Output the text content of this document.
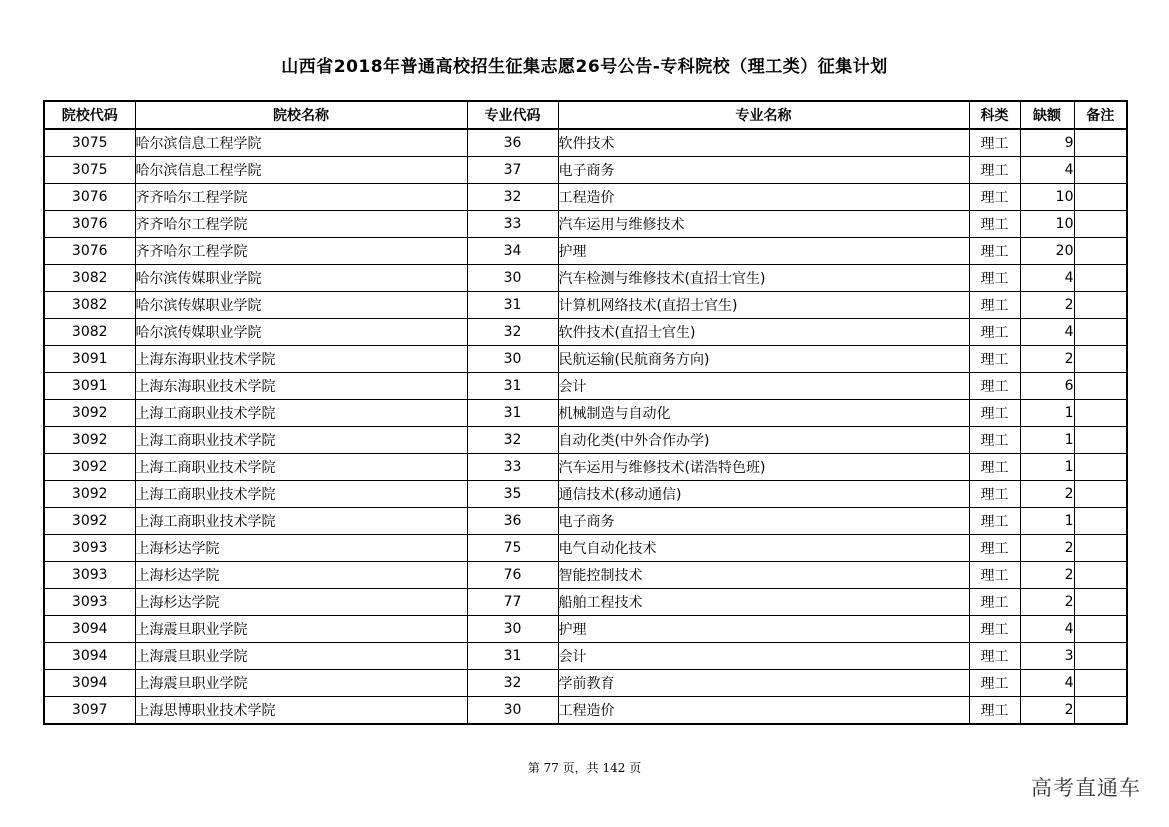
山西省2018年普通高校招生征集志愿26号公告-专科院校（理工类）征集计划
院校代码	院校名称	专业代码	专业名称	科类	缺额	备注
3075	哈尔滨信息工程学院	36	软件技术	理工	9	
3075	哈尔滨信息工程学院	37	电子商务	理工	4	
3076	齐齐哈尔工程学院	32	工程造价	理工	10	
3076	齐齐哈尔工程学院	33	汽车运用与维修技术	理工	10	
3076	齐齐哈尔工程学院	34	护理	理工	20	
3082	哈尔滨传媒职业学院	30	汽车检测与维修技术(直招士官生)	理工	4	
3082	哈尔滨传媒职业学院	31	计算机网络技术(直招士官生)	理工	2	
3082	哈尔滨传媒职业学院	32	软件技术(直招士官生)	理工	4	
3091	上海东海职业技术学院	30	民航运输(民航商务方向)	理工	2	
3091	上海东海职业技术学院	31	会计	理工	6	
3092	上海工商职业技术学院	31	机械制造与自动化	理工	1	
3092	上海工商职业技术学院	32	自动化类(中外合作办学)	理工	1	
3092	上海工商职业技术学院	33	汽车运用与维修技术(诺浩特色班)	理工	1	
3092	上海工商职业技术学院	35	通信技术(移动通信)	理工	2	
3092	上海工商职业技术学院	36	电子商务	理工	1	
3093	上海杉达学院	75	电气自动化技术	理工	2	
3093	上海杉达学院	76	智能控制技术	理工	2	
3093	上海杉达学院	77	船舶工程技术	理工	2	
3094	上海震旦职业学院	30	护理	理工	4	
3094	上海震旦职业学院	31	会计	理工	3	
3094	上海震旦职业学院	32	学前教育	理工	4	
3097	上海思博职业技术学院	30	工程造价	理工	2	
第 77 页，共 142 页
高考直通车
